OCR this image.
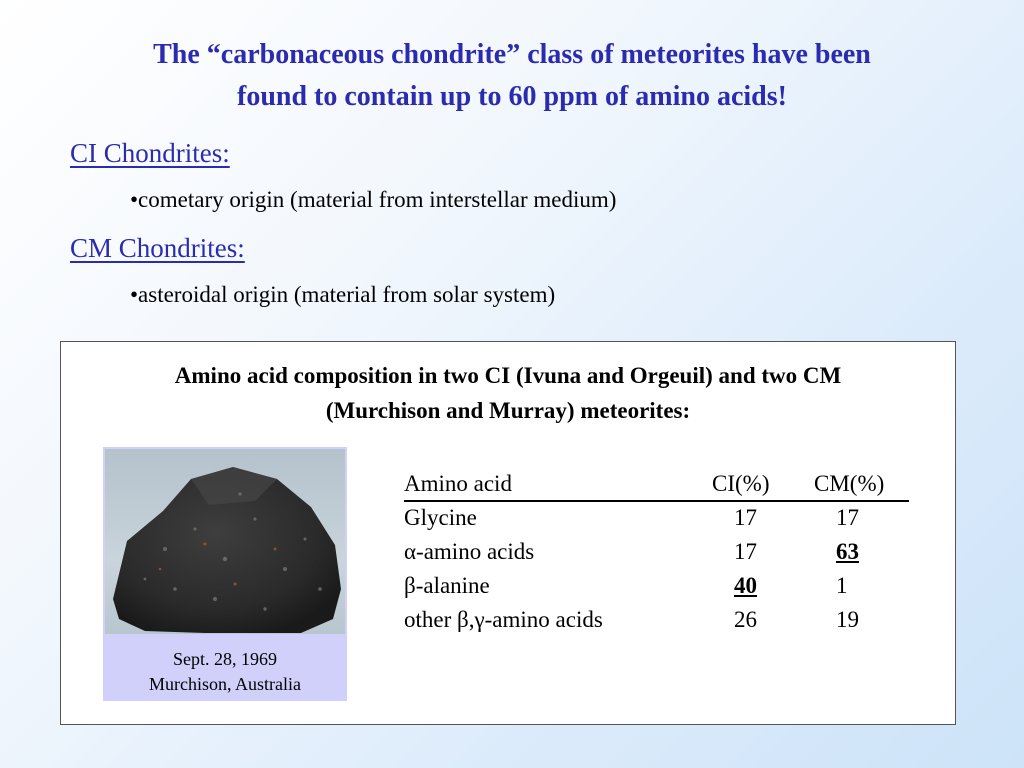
The “carbonaceous chondrite” class of meteorites have been
found to contain up to 60 ppm of amino acids!
CI Chondrites:
•cometary origin (material from interstellar medium)
CM Chondrites:
•asteroidal origin (material from solar system)
Amino acid composition in two CI (Ivuna and Orgeuil) and two CM
(Murchison and Murray) meteorites:
Sept. 28, 1969
Murchison, Australia
Amino acid	CI(%) CM(%)
Glycine	17	17
α-amino acids	17	63
β-alanine	40	1
other β,γ-amino acids	26	19
